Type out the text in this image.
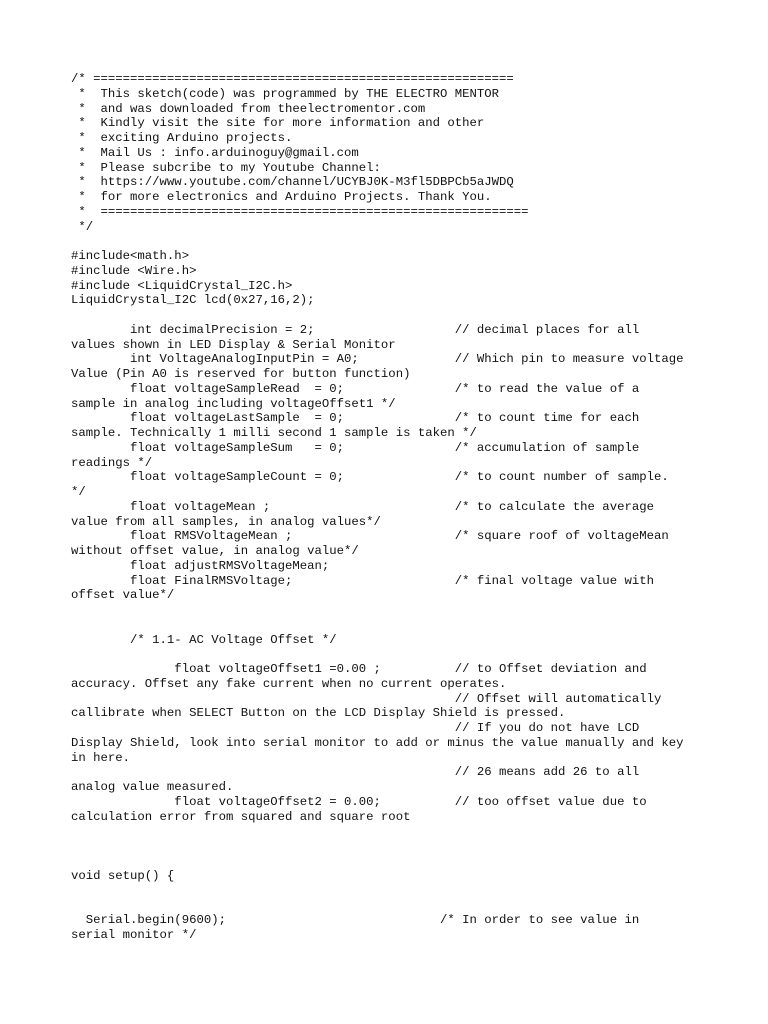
/* =========================================================
*  This sketch(code) was programmed by THE ELECTRO MENTOR
*  and was downloaded from theelectromentor.com
*  Kindly visit the site for more information and other
*  exciting Arduino projects.
*  Mail Us : info.arduinoguy@gmail.com
*  Please subcribe to my Youtube Channel:
*  https://www.youtube.com/channel/UCYBJ0K-M3fl5DBPCb5aJWDQ
*  for more electronics and Arduino Projects. Thank You.
*  ==========================================================
*/
#include<math.h>
#include <Wire.h>
#include <LiquidCrystal_I2C.h>
LiquidCrystal_I2C lcd(0x27,16,2);
int decimalPrecision = 2;                   // decimal places for all
values shown in LED Display & Serial Monitor
int VoltageAnalogInputPin = A0;             // Which pin to measure voltage
Value (Pin A0 is reserved for button function)
float voltageSampleRead  = 0;               /* to read the value of a
sample in analog including voltageOffset1 */
float voltageLastSample  = 0;               /* to count time for each
sample. Technically 1 milli second 1 sample is taken */
float voltageSampleSum   = 0;               /* accumulation of sample
readings */
float voltageSampleCount = 0;               /* to count number of sample.
*/
float voltageMean ;                         /* to calculate the average
value from all samples, in analog values*/
float RMSVoltageMean ;                      /* square roof of voltageMean
without offset value, in analog value*/
float adjustRMSVoltageMean;
float FinalRMSVoltage;                      /* final voltage value with
offset value*/
/* 1.1- AC Voltage Offset */
float voltageOffset1 =0.00 ;          // to Offset deviation and
accuracy. Offset any fake current when no current operates.
// Offset will automatically
callibrate when SELECT Button on the LCD Display Shield is pressed.
// If you do not have LCD
Display Shield, look into serial monitor to add or minus the value manually and key
in here.
// 26 means add 26 to all
analog value measured.
float voltageOffset2 = 0.00;          // too offset value due to
calculation error from squared and square root
void setup() {
Serial.begin(9600);                             /* In order to see value in
serial monitor */
